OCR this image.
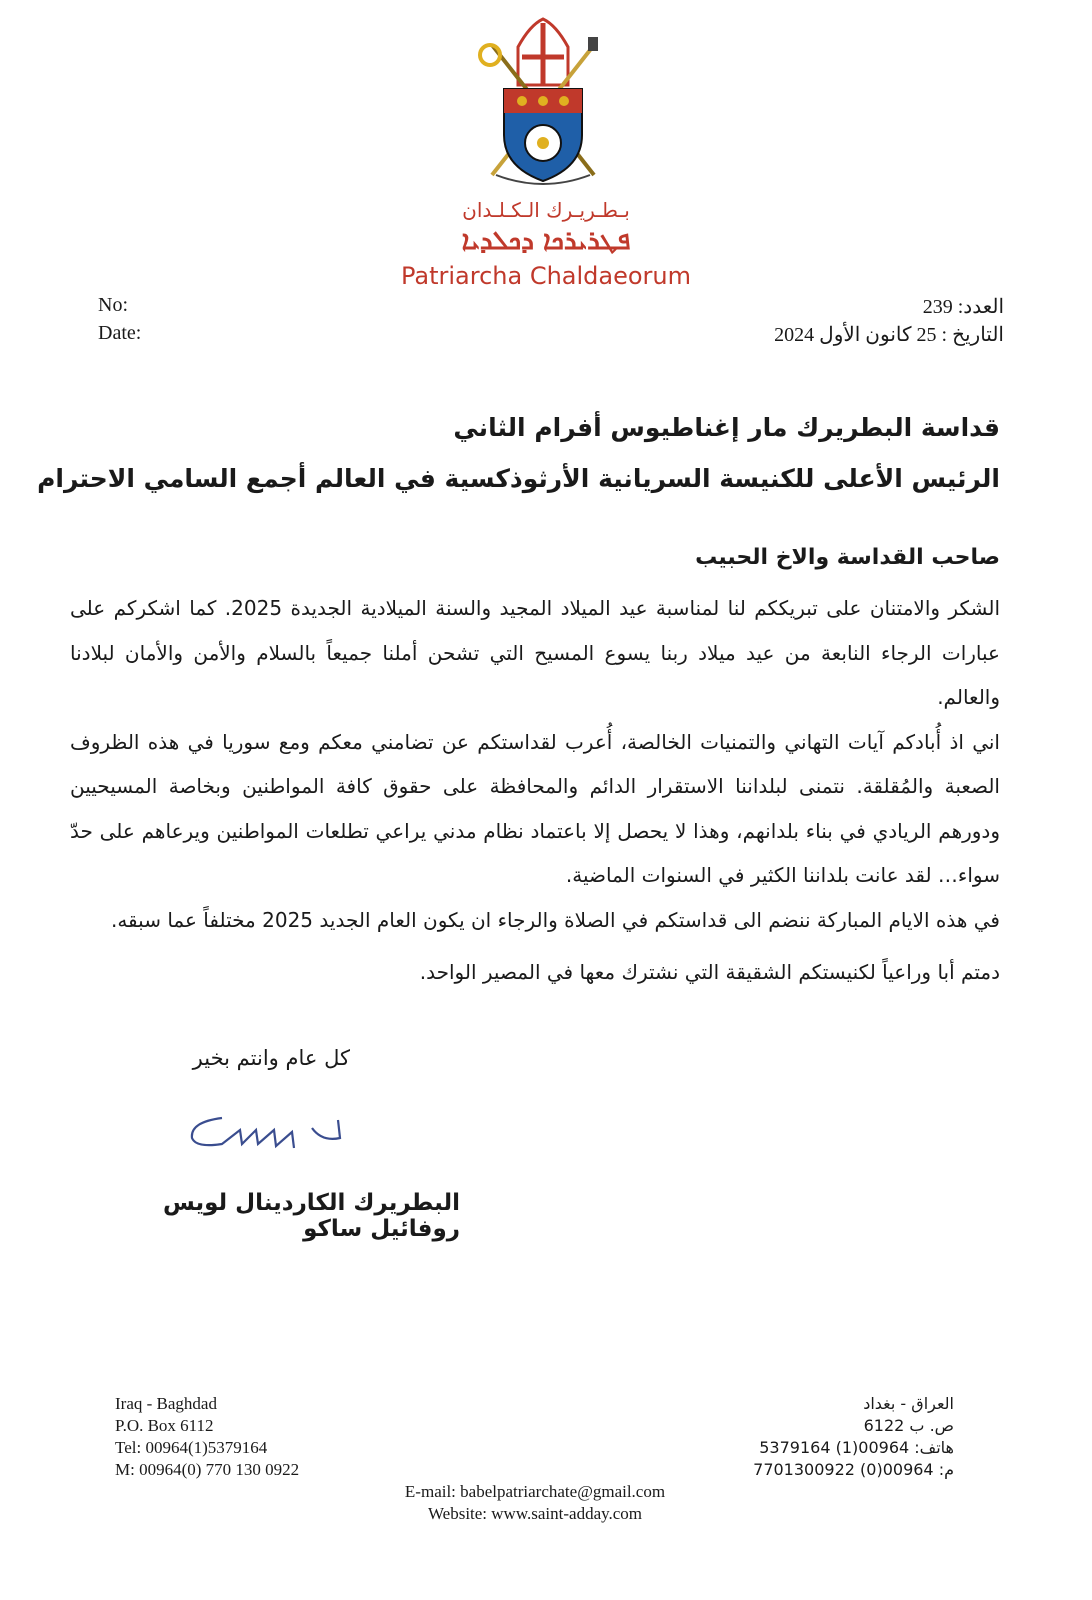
بـطـريـرك الـكـلـدان
ܦܛܪܝܪܟܐ ܕܟܠܕܝܐ
Patriarcha Chaldaeorum
No:
Date:
العدد: 239
التاريخ : 25 كانون الأول 2024
قداسة البطريرك مار إغناطيوس أفرام الثاني
الرئيس الأعلى للكنيسة السريانية الأرثوذكسية في العالم أجمع السامي الاحترام
صاحب القداسة والاخ الحبيب

الشكر والامتنان على تبريككم لنا لمناسبة عيد الميلاد المجيد والسنة الميلادية الجديدة 2025. كما اشكركم على عبارات الرجاء النابعة من عيد ميلاد ربنا يسوع المسيح التي تشحن أملنا جميعاً بالسلام والأمن والأمان لبلادنا والعالم.

اني اذ أُبادكم آيات التهاني والتمنيات الخالصة، أُعرب لقداستكم عن تضامني معكم ومع سوريا في هذه الظروف الصعبة والمُقلقة. نتمنى لبلداننا الاستقرار الدائم والمحافظة على حقوق كافة المواطنين وبخاصة المسيحيين ودورهم الريادي في بناء بلدانهم، وهذا لا يحصل إلا باعتماد نظام مدني يراعي تطلعات المواطنين ويرعاهم على حدّ سواء… لقد عانت بلداننا الكثير في السنوات الماضية.

في هذه الايام المباركة ننضم الى قداستكم في الصلاة والرجاء ان يكون العام الجديد 2025 مختلفاً عما سبقه.

دمتم أبا وراعياً لكنيستكم الشقيقة التي نشترك معها في المصير الواحد.

كل عام وانتم بخير
البطريرك الكاردينال لويس روفائيل ساكو
Iraq - Baghdad
P.O. Box 6112
Tel: 00964(1)5379164
M: 00964(0) 770 130 0922
العراق - بغداد
ص. ب 6122
هاتف: 00964(1) 5379164
م: 00964(0) 7701300922
E-mail: babelpatriarchate@gmail.com
Website: www.saint-adday.com
